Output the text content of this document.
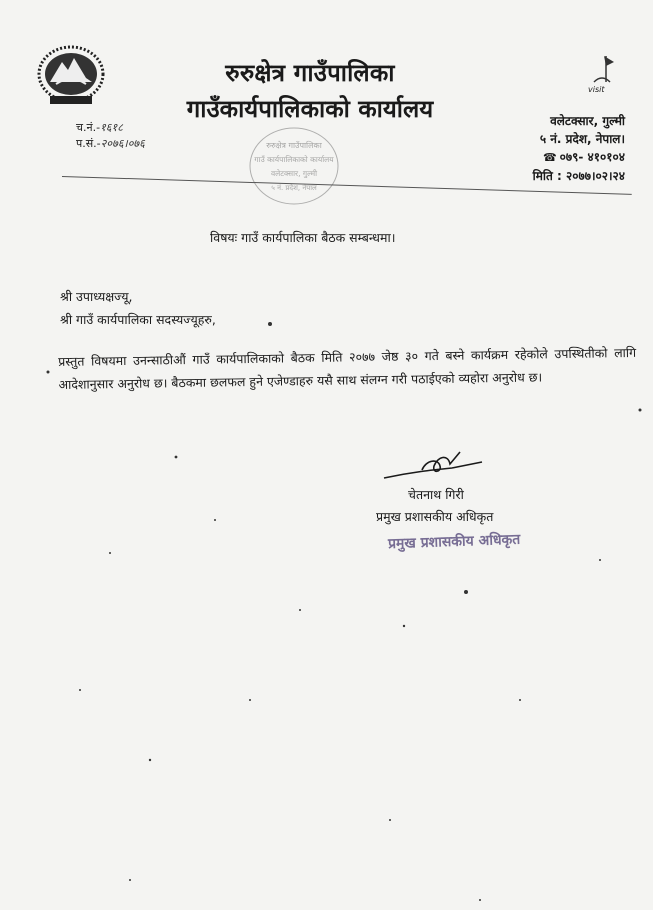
visit
रुरुक्षेत्र गाउँपालिका
गाउँकार्यपालिकाको कार्यालय
च.नं.-१६१८
प.सं.-२०७६।०७६	रुरुक्षेत्र गाउँपालिका
गाउँ कार्यपालिकाको कार्यालय
वलेटक्सार, गुल्मी
५ नं. प्रदेश, नेपाल
वलेटक्सार, गुल्मी
५ नं. प्रदेश, नेपाल।
☎ ०७९- ४१०१०४
मिति : २०७७।०२।२४
विषयः गाउँ कार्यपालिका बैठक सम्बन्धमा।
श्री उपाध्यक्षज्यू,
श्री गाउँ कार्यपालिका सदस्यज्यूहरु,
प्रस्तुत विषयमा उनन्साठीऔं गाउँ कार्यपालिकाको बैठक मिति २०७७ जेष्ठ ३० गते बस्ने कार्यक्रम रहेकोले उपस्थितीको लागि आदेशानुसार अनुरोध छ। बैठकमा छलफल हुने एजेण्डाहरु यसै साथ संलग्न गरी पठाईएको व्यहोरा अनुरोध छ।
चेतनाथ गिरी
प्रमुख प्रशासकीय अधिकृत
प्रमुख प्रशासकीय अधिकृत
